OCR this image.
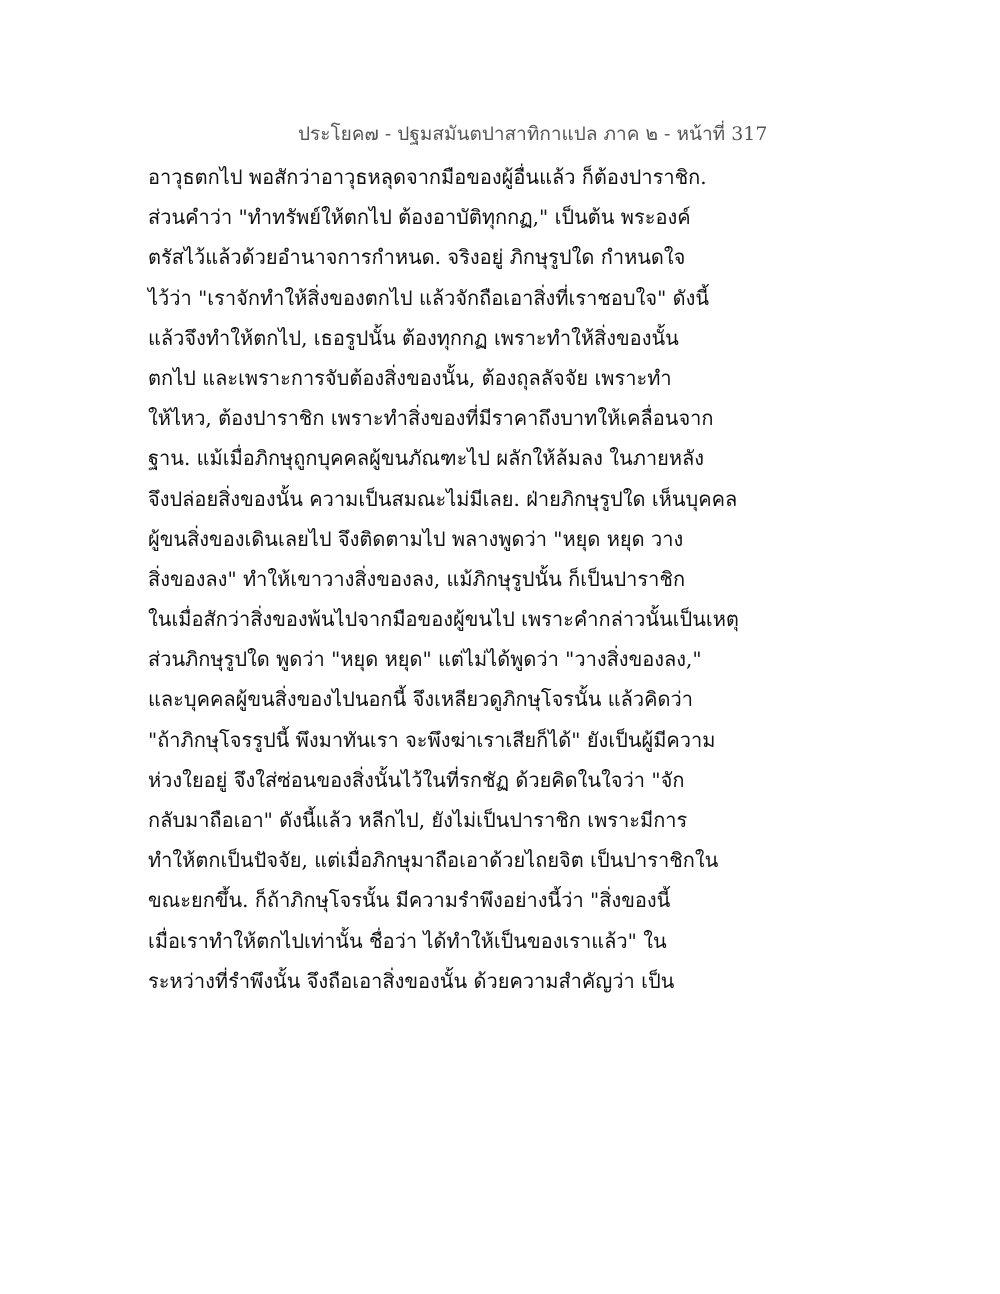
ประโยค๗ - ปฐมสมันตปาสาทิกาแปล ภาค ๒ - หน้าที่ 317
อาวุธตกไป พอสักว่าอาวุธหลุดจากมือของผู้อื่นแล้ว ก็ต้องปาราชิก.
ส่วนคำว่า "ทำทรัพย์ให้ตกไป ต้องอาบัติทุกกฏ," เป็นต้น พระองค์
ตรัสไว้แล้วด้วยอำนาจการกำหนด. จริงอยู่ ภิกษุรูปใด กำหนดใจ
ไว้ว่า "เราจักทำให้สิ่งของตกไป แล้วจักถือเอาสิ่งที่เราชอบใจ" ดังนี้
แล้วจึงทำให้ตกไป, เธอรูปนั้น ต้องทุกกฏ เพราะทำให้สิ่งของนั้น
ตกไป และเพราะการจับต้องสิ่งของนั้น, ต้องถุลลัจจัย เพราะทำ
ให้ไหว, ต้องปาราชิก เพราะทำสิ่งของที่มีราคาถึงบาทให้เคลื่อนจาก
ฐาน. แม้เมื่อภิกษุถูกบุคคลผู้ขนภัณฑะไป ผลักให้ล้มลง ในภายหลัง
จึงปล่อยสิ่งของนั้น ความเป็นสมณะไม่มีเลย. ฝ่ายภิกษุรูปใด เห็นบุคคล
ผู้ขนสิ่งของเดินเลยไป จึงติดตามไป พลางพูดว่า "หยุด หยุด วาง
สิ่งของลง" ทำให้เขาวางสิ่งของลง, แม้ภิกษุรูปนั้น ก็เป็นปาราชิก
ในเมื่อสักว่าสิ่งของพ้นไปจากมือของผู้ขนไป เพราะคำกล่าวนั้นเป็นเหตุ
ส่วนภิกษุรูปใด พูดว่า "หยุด หยุด" แต่ไม่ได้พูดว่า "วางสิ่งของลง,"
และบุคคลผู้ขนสิ่งของไปนอกนี้ จึงเหลียวดูภิกษุโจรนั้น แล้วคิดว่า
"ถ้าภิกษุโจรรูปนี้ พึงมาทันเรา จะพึงฆ่าเราเสียก็ได้" ยังเป็นผู้มีความ
ห่วงใยอยู่ จึงใส่ซ่อนของสิ่งนั้นไว้ในที่รกชัฏ ด้วยคิดในใจว่า "จัก
กลับมาถือเอา" ดังนี้แล้ว หลีกไป, ยังไม่เป็นปาราชิก เพราะมีการ
ทำให้ตกเป็นปัจจัย, แต่เมื่อภิกษุมาถือเอาด้วยไถยจิต เป็นปาราชิกใน
ขณะยกขึ้น. ก็ถ้าภิกษุโจรนั้น มีความรำพึงอย่างนี้ว่า "สิ่งของนี้
เมื่อเราทำให้ตกไปเท่านั้น ชื่อว่า ได้ทำให้เป็นของเราแล้ว" ใน
ระหว่างที่รำพึงนั้น จึงถือเอาสิ่งของนั้น ด้วยความสำคัญว่า เป็น
